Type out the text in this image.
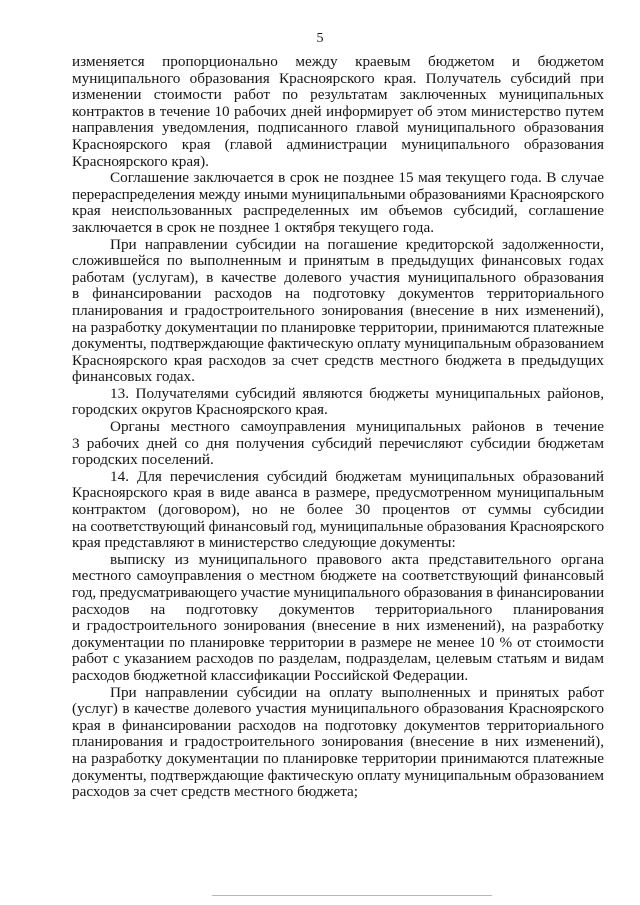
5
изменяется пропорционально между краевым бюджетом и бюджетом
муниципального образования Красноярского края. Получатель субсидий при
изменении стоимости работ по результатам заключенных муниципальных
контрактов в течение 10 рабочих дней информирует об этом министерство путем
направления уведомления, подписанного главой муниципального образования
Красноярского края (главой администрации муниципального образования
Красноярского края).
Соглашение заключается в срок не позднее 15 мая текущего года. В случае
перераспределения между иными муниципальными образованиями Красноярского
края неиспользованных распределенных им объемов субсидий, соглашение
заключается в срок не позднее 1 октября текущего года.
При направлении субсидии на погашение кредиторской задолженности,
сложившейся по выполненным и принятым в предыдущих финансовых годах
работам (услугам), в качестве долевого участия муниципального образования
в финансировании расходов на подготовку документов территориального
планирования и градостроительного зонирования (внесение в них изменений),
на разработку документации по планировке территории, принимаются платежные
документы, подтверждающие фактическую оплату муниципальным образованием
Красноярского края расходов за счет средств местного бюджета в предыдущих
финансовых годах.
13. Получателями субсидий являются бюджеты муниципальных районов,
городских округов Красноярского края.
Органы местного самоуправления муниципальных районов в течение
3 рабочих дней со дня получения субсидий перечисляют субсидии бюджетам
городских поселений.
14. Для перечисления субсидий бюджетам муниципальных образований
Красноярского края в виде аванса в размере, предусмотренном муниципальным
контрактом (договором), но не более 30 процентов от суммы субсидии
на соответствующий финансовый год, муниципальные образования Красноярского
края представляют в министерство следующие документы:
выписку из муниципального правового акта представительного органа
местного самоуправления о местном бюджете на соответствующий финансовый
год, предусматривающего участие муниципального образования в финансировании
расходов на подготовку документов территориального планирования
и градостроительного зонирования (внесение в них изменений), на разработку
документации по планировке территории в размере не менее 10 % от стоимости
работ с указанием расходов по разделам, подразделам, целевым статьям и видам
расходов бюджетной классификации Российской Федерации.
При направлении субсидии на оплату выполненных и принятых работ
(услуг) в качестве долевого участия муниципального образования Красноярского
края в финансировании расходов на подготовку документов территориального
планирования и градостроительного зонирования (внесение в них изменений),
на разработку документации по планировке территории принимаются платежные
документы, подтверждающие фактическую оплату муниципальным образованием
расходов за счет средств местного бюджета;
